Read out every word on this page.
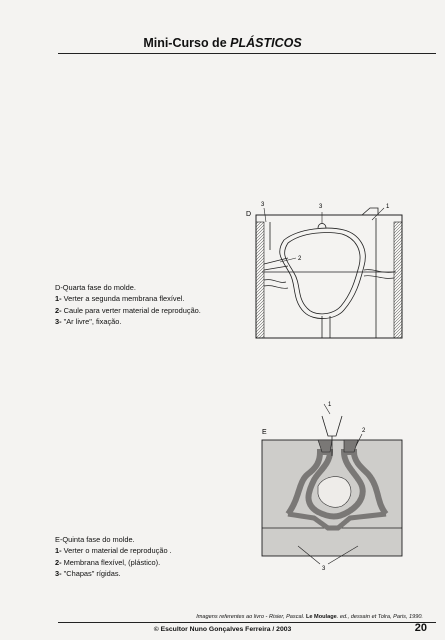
Mini-Curso de PLÁSTICOS
D
3	3	1
2
D-Quarta fase do molde.
1- Verter a segunda membrana flexível.
2- Caule para verter material de reprodução.
3- "Ar livre", fixação.
E
1
2
3
E-Quinta fase do molde.
1- Verter o material de reprodução .
2- Membrana flexível, (plástico).
3- "Chapas" rígidas.
Imagens referentes ao livro - Risier, Pascal. Le Moulage. ed., dessain et Tolra, Paris, 1990.
© Escultor Nuno Gonçalves Ferreira / 2003	20
